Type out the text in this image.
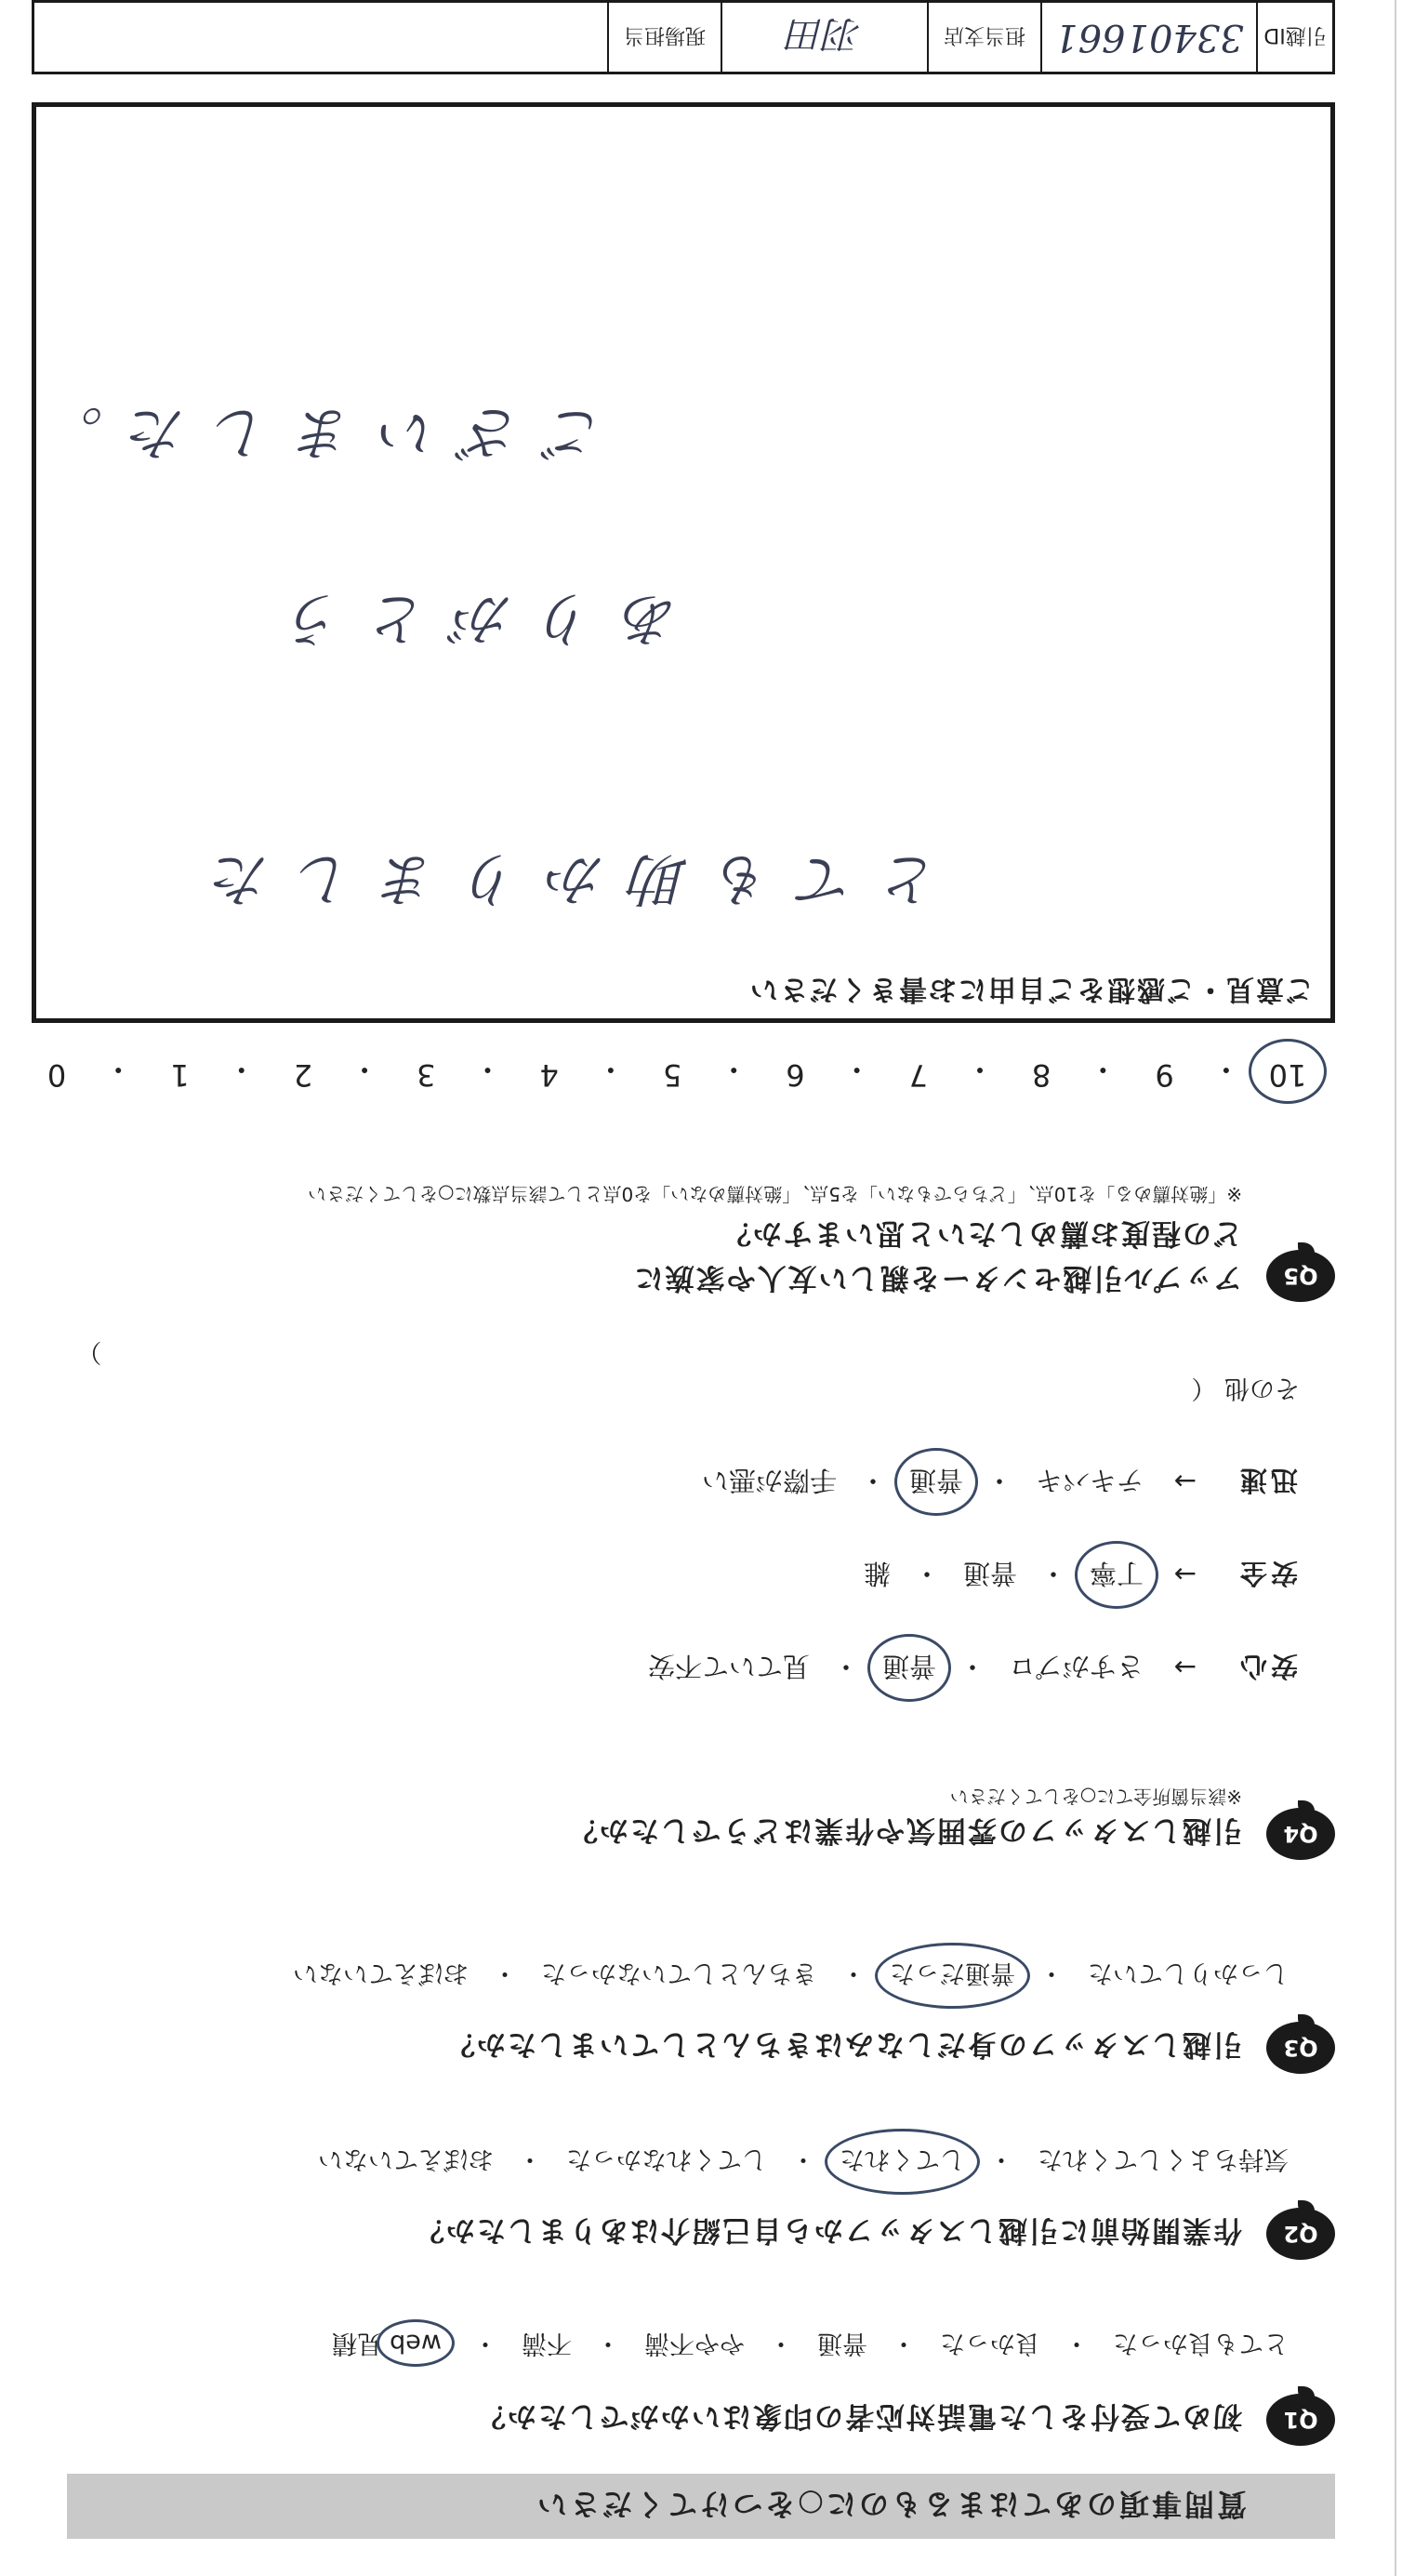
質問事項のあてはまるものに○をつけてください
Q1
初めて受付をした電話対応者の印象はいかがでしたか？
とても良かった
・
良かった
・
普通
・
やや不満
・
不満
・
web見積
Q2
作業開始前に引越しスタッフから自己紹介はありましたか？
気持ちよくしてくれた
・
してくれた
・
してくれなかった
・
おぼえていない
Q3
引越しスタッフの身だしなみはきちんとしていましたか？
しっかりしていた
・
普通だった
・
きちんとしていなかった
・
おぼえていない
Q4
引越しスタッフの雰囲気や作業はどうでしたか？
※該当箇所全てに○をしてください
安心
→
さすがプロ
・
普通
・
見ていて不安
安全
→
丁寧
・
普通
・
雑
迅速
→
テキパキ
・
普通
・
手際が悪い
その他 （  ）
Q5
アップル引越センターを親しい友人や家族に
どの程度お薦めしたいと思いますか？
※「絶対薦める」を10点、「どちらでもない」を5点、「絶対薦めない」を0点として該当点数に○をしてください
10
・
9
・
8
・
7
・
6
・
5
・
4
・
3
・
2
・
1
・
0
ご意見・ご感想をご自由にお書きください
とても助かりました
ありがとう
ございました。
引越ID
33401661
担当支店
羽田
現場担当
